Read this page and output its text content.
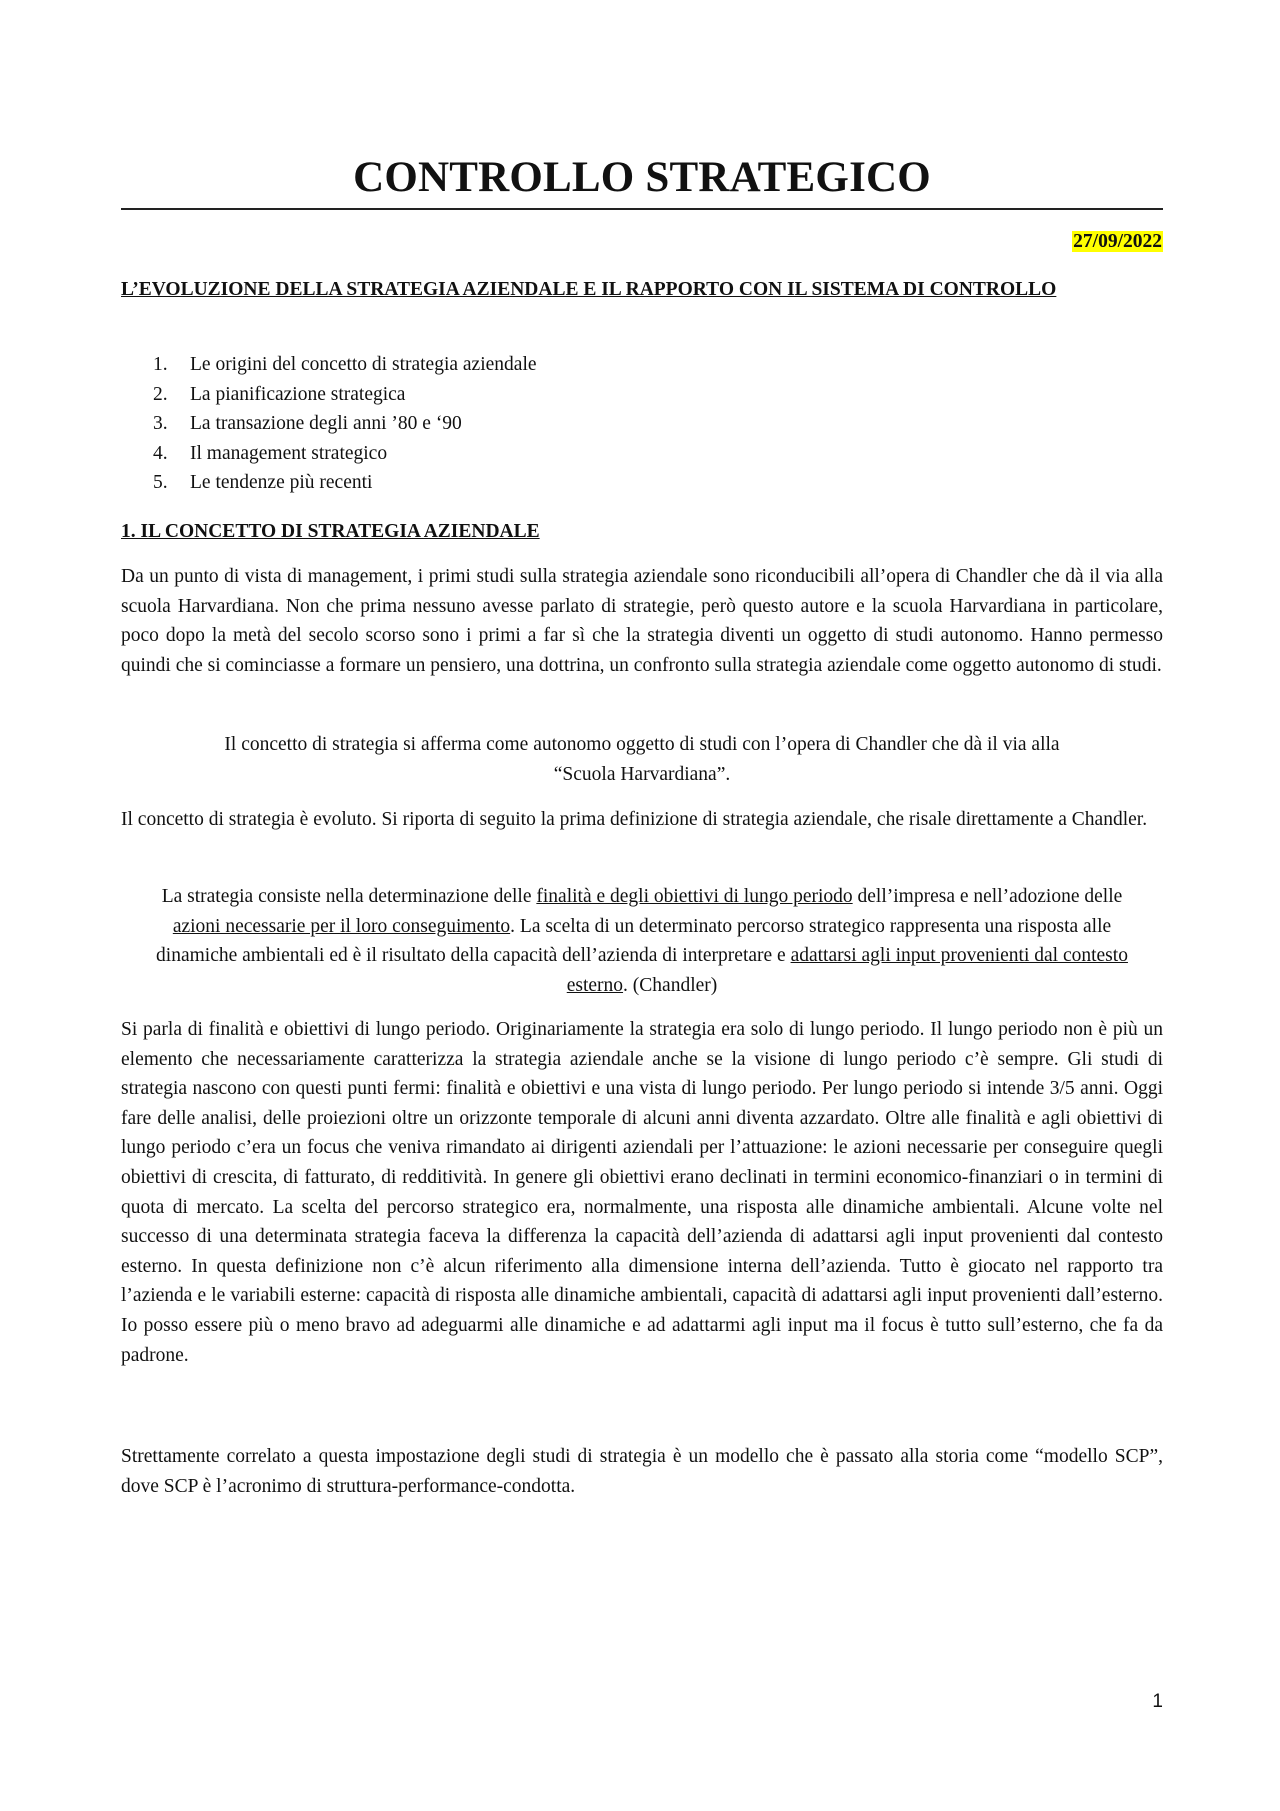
CONTROLLO STRATEGICO
27/09/2022
L’EVOLUZIONE DELLA STRATEGIA AZIENDALE E IL RAPPORTO CON IL SISTEMA DI CONTROLLO
1.	Le origini del concetto di strategia aziendale
2.	La pianificazione strategica
3.	La transazione degli anni ’80 e ‘90
4.	Il management strategico
5.	Le tendenze più recenti
1. IL CONCETTO DI STRATEGIA AZIENDALE

Da un punto di vista di management, i primi studi sulla strategia aziendale sono riconducibili all’opera di Chandler che dà il via alla scuola Harvardiana. Non che prima nessuno avesse parlato di strategie, però questo autore e la scuola Harvardiana in particolare, poco dopo la metà del secolo scorso sono i primi a far sì che la strategia diventi un oggetto di studi autonomo. Hanno permesso quindi che si cominciasse a formare un pensiero, una dottrina, un confronto sulla strategia aziendale come oggetto autonomo di studi.

Il concetto di strategia si afferma come autonomo oggetto di studi con l’opera di Chandler che dà il via alla
“Scuola Harvardiana”.

Il concetto di strategia è evoluto. Si riporta di seguito la prima definizione di strategia aziendale, che risale direttamente a Chandler.

La strategia consiste nella determinazione delle finalità e degli obiettivi di lungo periodo dell’impresa e nell’adozione delle azioni necessarie per il loro conseguimento. La scelta di un determinato percorso strategico rappresenta una risposta alle dinamiche ambientali ed è il risultato della capacità dell’azienda di interpretare e adattarsi agli input provenienti dal contesto esterno. (Chandler)

Si parla di finalità e obiettivi di lungo periodo. Originariamente la strategia era solo di lungo periodo. Il lungo periodo non è più un elemento che necessariamente caratterizza la strategia aziendale anche se la visione di lungo periodo c’è sempre. Gli studi di strategia nascono con questi punti fermi: finalità e obiettivi e una vista di lungo periodo. Per lungo periodo si intende 3/5 anni. Oggi fare delle analisi, delle proiezioni oltre un orizzonte temporale di alcuni anni diventa azzardato. Oltre alle finalità e agli obiettivi di lungo periodo c’era un focus che veniva rimandato ai dirigenti aziendali per l’attuazione: le azioni necessarie per conseguire quegli obiettivi di crescita, di fatturato, di redditività. In genere gli obiettivi erano declinati in termini economico-finanziari o in termini di quota di mercato. La scelta del percorso strategico era, normalmente, una risposta alle dinamiche ambientali. Alcune volte nel successo di una determinata strategia faceva la differenza la capacità dell’azienda di adattarsi agli input provenienti dal contesto esterno. In questa definizione non c’è alcun riferimento alla dimensione interna dell’azienda. Tutto è giocato nel rapporto tra l’azienda e le variabili esterne: capacità di risposta alle dinamiche ambientali, capacità di adattarsi agli input provenienti dall’esterno. Io posso essere più o meno bravo ad adeguarmi alle dinamiche e ad adattarmi agli input ma il focus è tutto sull’esterno, che fa da padrone.

Strettamente correlato a questa impostazione degli studi di strategia è un modello che è passato alla storia come “modello SCP”, dove SCP è l’acronimo di struttura-performance-condotta.

1
